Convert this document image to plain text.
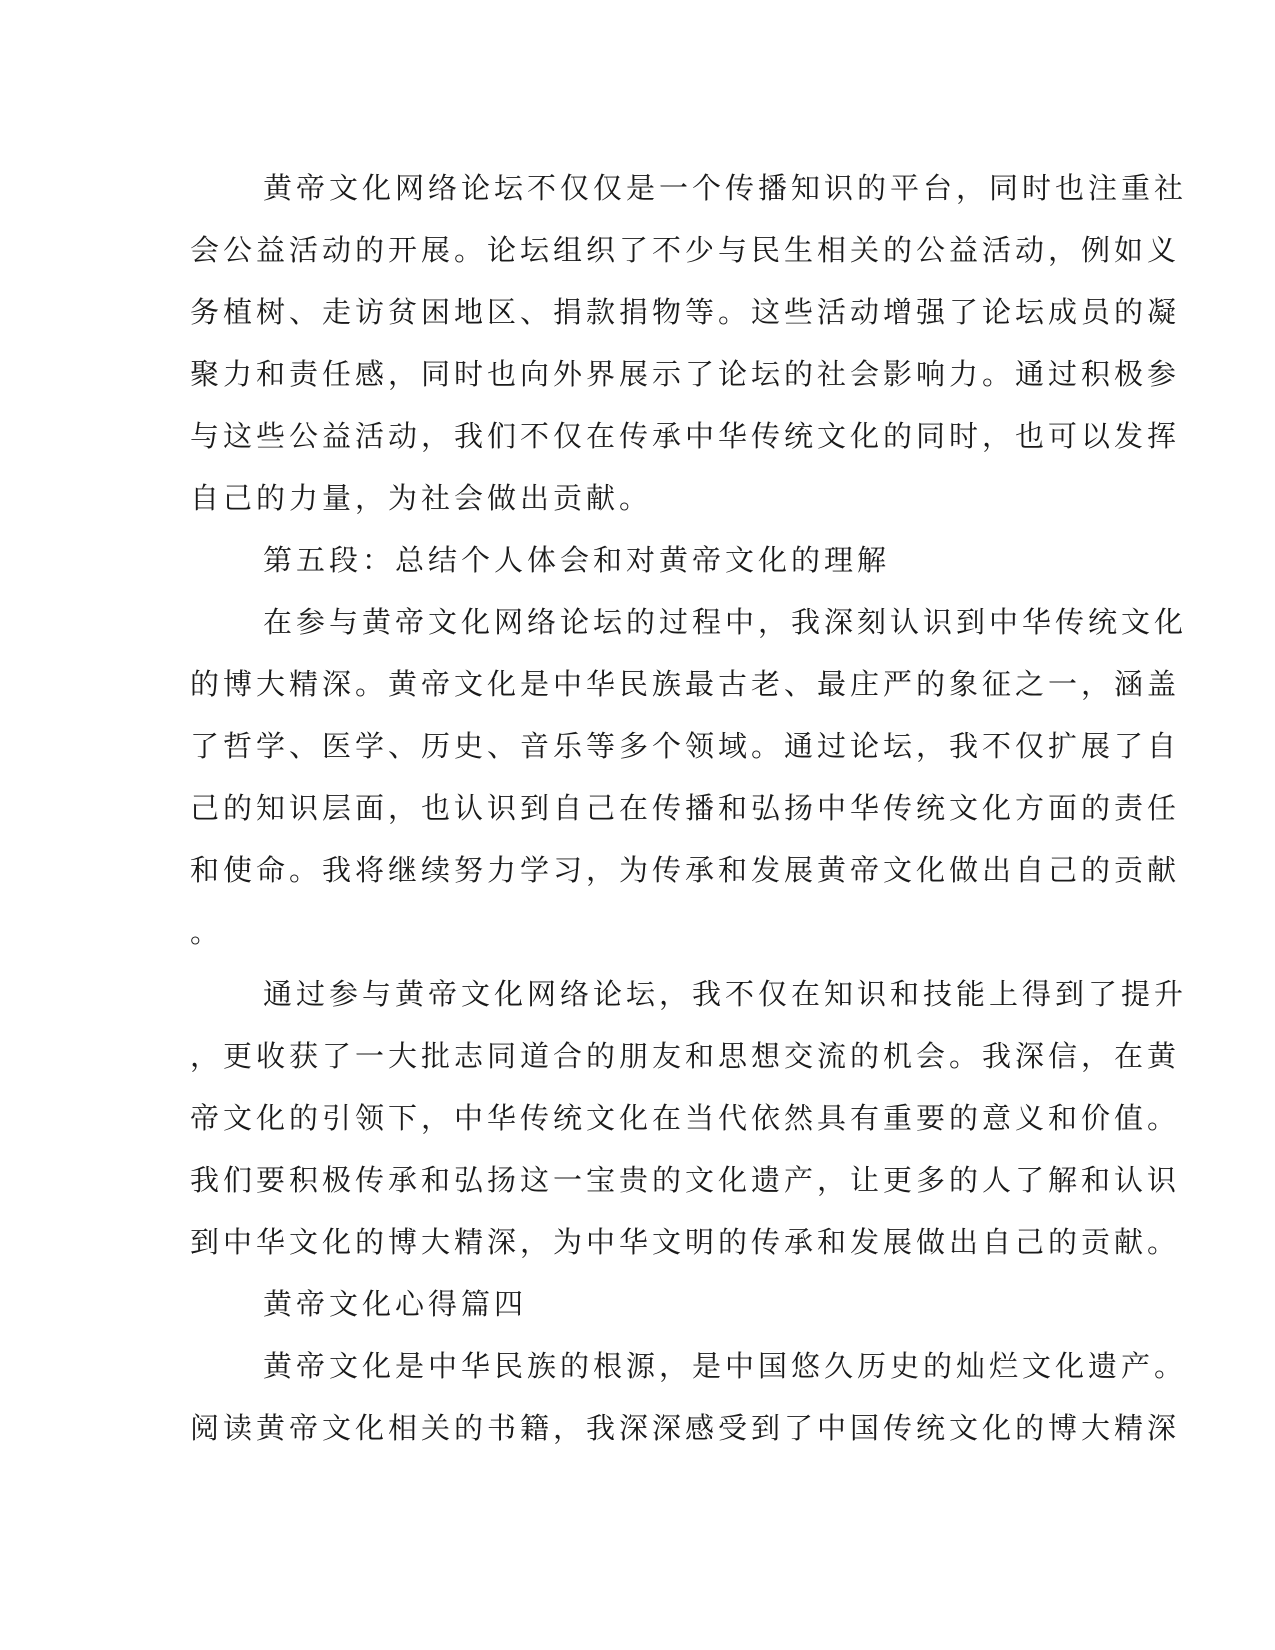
黄帝文化网络论坛不仅仅是一个传播知识的平台，同时也注重社
会公益活动的开展。论坛组织了不少与民生相关的公益活动，例如义
务植树、走访贫困地区、捐款捐物等。这些活动增强了论坛成员的凝
聚力和责任感，同时也向外界展示了论坛的社会影响力。通过积极参
与这些公益活动，我们不仅在传承中华传统文化的同时，也可以发挥
自己的力量，为社会做出贡献。
第五段：总结个人体会和对黄帝文化的理解
在参与黄帝文化网络论坛的过程中，我深刻认识到中华传统文化
的博大精深。黄帝文化是中华民族最古老、最庄严的象征之一，涵盖
了哲学、医学、历史、音乐等多个领域。通过论坛，我不仅扩展了自
己的知识层面，也认识到自己在传播和弘扬中华传统文化方面的责任
和使命。我将继续努力学习，为传承和发展黄帝文化做出自己的贡献
。
通过参与黄帝文化网络论坛，我不仅在知识和技能上得到了提升
，更收获了一大批志同道合的朋友和思想交流的机会。我深信，在黄
帝文化的引领下，中华传统文化在当代依然具有重要的意义和价值。
我们要积极传承和弘扬这一宝贵的文化遗产，让更多的人了解和认识
到中华文化的博大精深，为中华文明的传承和发展做出自己的贡献。
黄帝文化心得篇四
黄帝文化是中华民族的根源，是中国悠久历史的灿烂文化遗产。
阅读黄帝文化相关的书籍，我深深感受到了中国传统文化的博大精深
